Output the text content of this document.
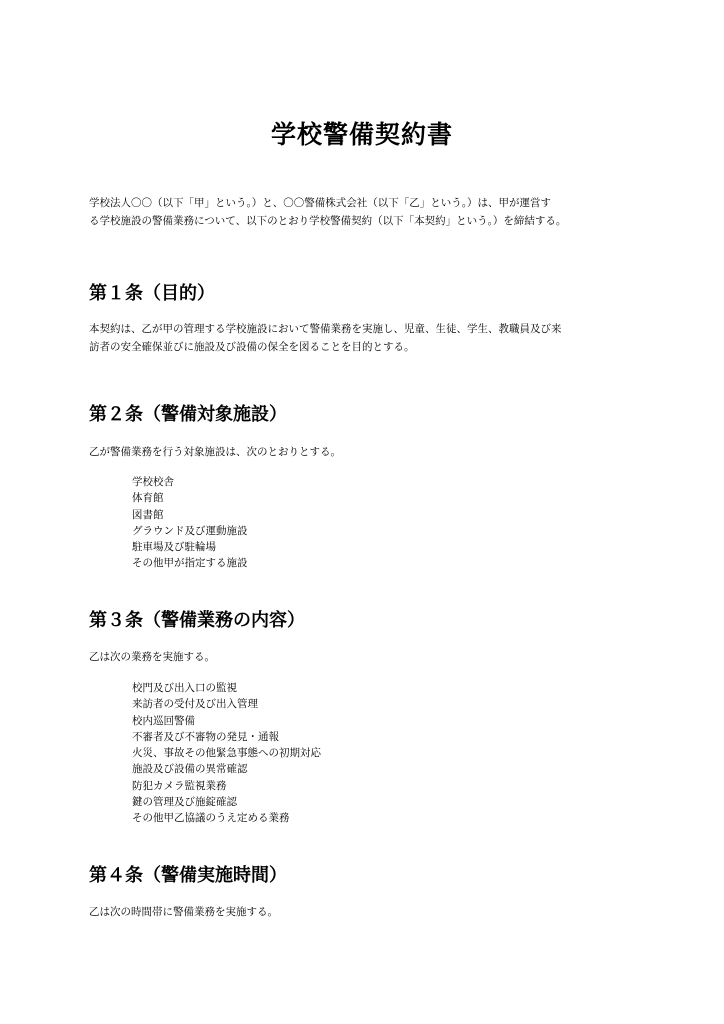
学校警備契約書

学校法人〇〇（以下「甲」という。）と、〇〇警備株式会社（以下「乙」という。）は、甲が運営す
る学校施設の警備業務について、以下のとおり学校警備契約（以下「本契約」という。）を締結する。

第１条（目的）

本契約は、乙が甲の管理する学校施設において警備業務を実施し、児童、生徒、学生、教職員及び来
訪者の安全確保並びに施設及び設備の保全を図ることを目的とする。

第２条（警備対象施設）

乙が警備業務を行う対象施設は、次のとおりとする。

学校校舎
体育館
図書館
グラウンド及び運動施設
駐車場及び駐輪場
その他甲が指定する施設
第３条（警備業務の内容）

乙は次の業務を実施する。

校門及び出入口の監視
来訪者の受付及び出入管理
校内巡回警備
不審者及び不審物の発見・通報
火災、事故その他緊急事態への初期対応
施設及び設備の異常確認
防犯カメラ監視業務
鍵の管理及び施錠確認
その他甲乙協議のうえ定める業務
第４条（警備実施時間）

乙は次の時間帯に警備業務を実施する。
